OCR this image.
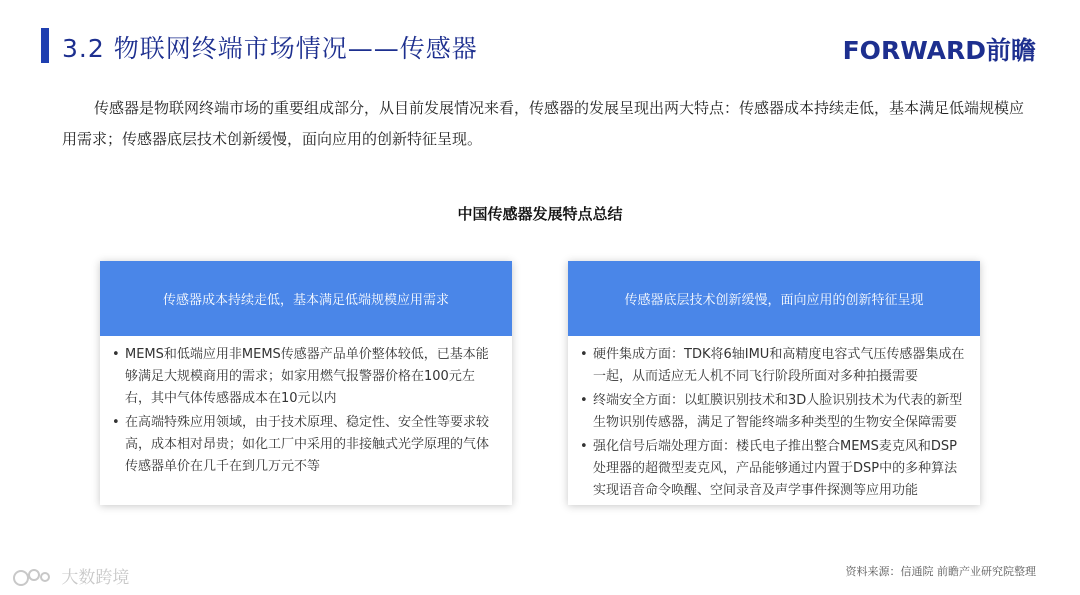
3.2 物联网终端市场情况——传感器	FORWARD前瞻
传感器是物联网终端市场的重要组成部分，从目前发展情况来看，传感器的发展呈现出两大特点：传感器成本持续走低，基本满足低端规模应用需求；传感器底层技术创新缓慢，面向应用的创新特征呈现。
中国传感器发展特点总结
传感器成本持续走低，基本满足低端规模应用需求
• MEMS和低端应用非MEMS传感器产品单价整体较低，已基本能够满足大规模商用的需求；如家用燃气报警器价格在100元左右，其中气体传感器成本在10元以内
• 在高端特殊应用领域，由于技术原理、稳定性、安全性等要求较高，成本相对昂贵；如化工厂中采用的非接触式光学原理的气体传感器单价在几千在到几万元不等
传感器底层技术创新缓慢，面向应用的创新特征呈现
• 硬件集成方面：TDK将6轴IMU和高精度电容式气压传感器集成在一起，从而适应无人机不同飞行阶段所面对多种拍摄需要
• 终端安全方面：以虹膜识别技术和3D人脸识别技术为代表的新型生物识别传感器，满足了智能终端多种类型的生物安全保障需要
• 强化信号后端处理方面：楼氏电子推出整合MEMS麦克风和DSP处理器的超微型麦克风，产品能够通过内置于DSP中的多种算法实现语音命令唤醒、空间录音及声学事件探测等应用功能
资料来源：信通院 前瞻产业研究院整理
大数跨境
